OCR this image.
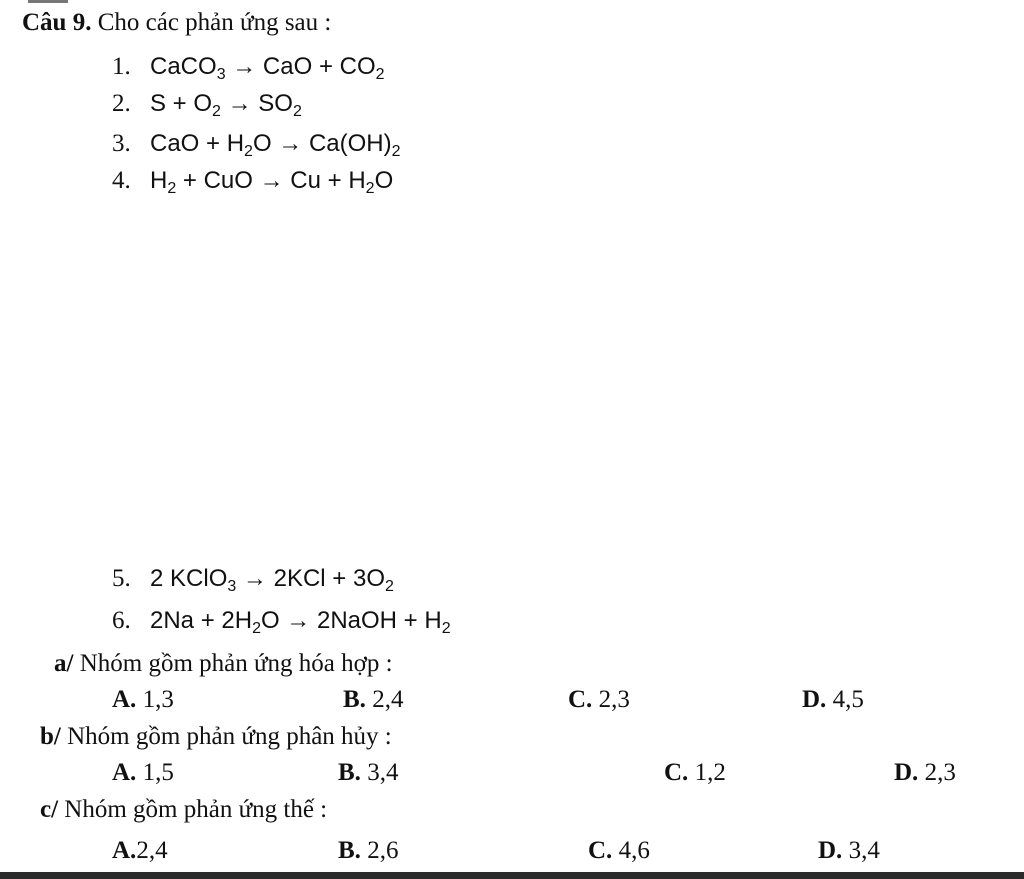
Câu 9. Cho các phản ứng sau :
1. CaCO$_3$ → CaO + $CO_2$
2. $S + O_2 \to SO_2$
3. CaO + $H_2O \to Ca(OH)_2$
4. $H_2$ + CuO → $Cu + H_2O$
5. 2 KClO$_3$ → $2KCl + 3O_2$
6. $2Na + 2H_2O$ → 2NaOH + $H_2$
a/ Nhóm gồm phản ứng hóa hợp :
A. 1,3	B. 2,4	C. 2,3	D. 4,5
b/ Nhóm gồm phản ứng phân hủy :
A. 1,5	B. 3,4	C. 1,2	D. 2,3
c/ Nhóm gồm phản ứng thế :
A.2,4	B. 2,6	C. 4,6	D. 3,4
